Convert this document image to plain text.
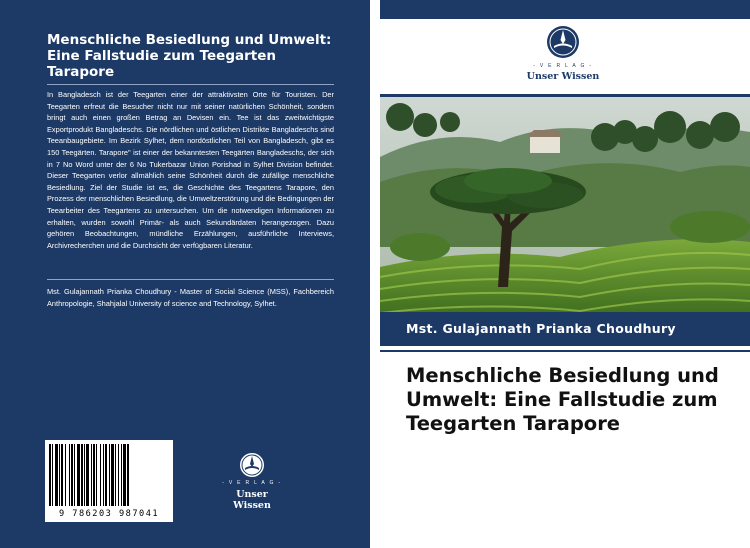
Menschliche Besiedlung und Umwelt: Eine Fallstudie zum Teegarten Tarapore
In Bangladesch ist der Teegarten einer der attraktivsten Orte für Touristen. Der Teegarten erfreut die Besucher nicht nur mit seiner natürlichen Schönheit, sondern bringt auch einen großen Betrag an Devisen ein. Tee ist das zweitwichtigste Exportprodukt Bangladeschs. Die nördlichen und östlichen Distrikte Bangladeschs sind Teeanbaugebiete. Im Bezirk Sylhet, dem nordöstlichen Teil von Bangladesch, gibt es 150 Teegärten. Tarapore" ist einer der bekanntesten Teegärten Bangladeschs, der sich in 7 No Word unter der 6 No Tukerbazar Union Porishad in Sylhet Division befindet. Dieser Teegarten verlor allmählich seine Schönheit durch die zufällige menschliche Besiedlung. Ziel der Studie ist es, die Geschichte des Teegartens Tarapore, den Prozess der menschlichen Besiedlung, die Umweltzerstörung und die Bedingungen der Teearbeiter des Teegartens zu untersuchen. Um die notwendigen Informationen zu erhalten, wurden sowohl Primär- als auch Sekundärdaten herangezogen. Dazu gehören Beobachtungen, mündliche Erzählungen, ausführliche Interviews, Archivrecherchen und die Durchsicht der verfügbaren Literatur.
Mst. Gulajannath Prianka Choudhury - Master of Social Science (MSS), Fachbereich Anthropologie, Shahjalal University of science and Technology, Sylhet.
9 786203 987041
- V E R L A G -
Unser Wissen
- V E R L A G -
Unser Wissen
Mst. Gulajannath Prianka Choudhury
Menschliche Besiedlung und Umwelt: Eine Fallstudie zum Teegarten Tarapore
